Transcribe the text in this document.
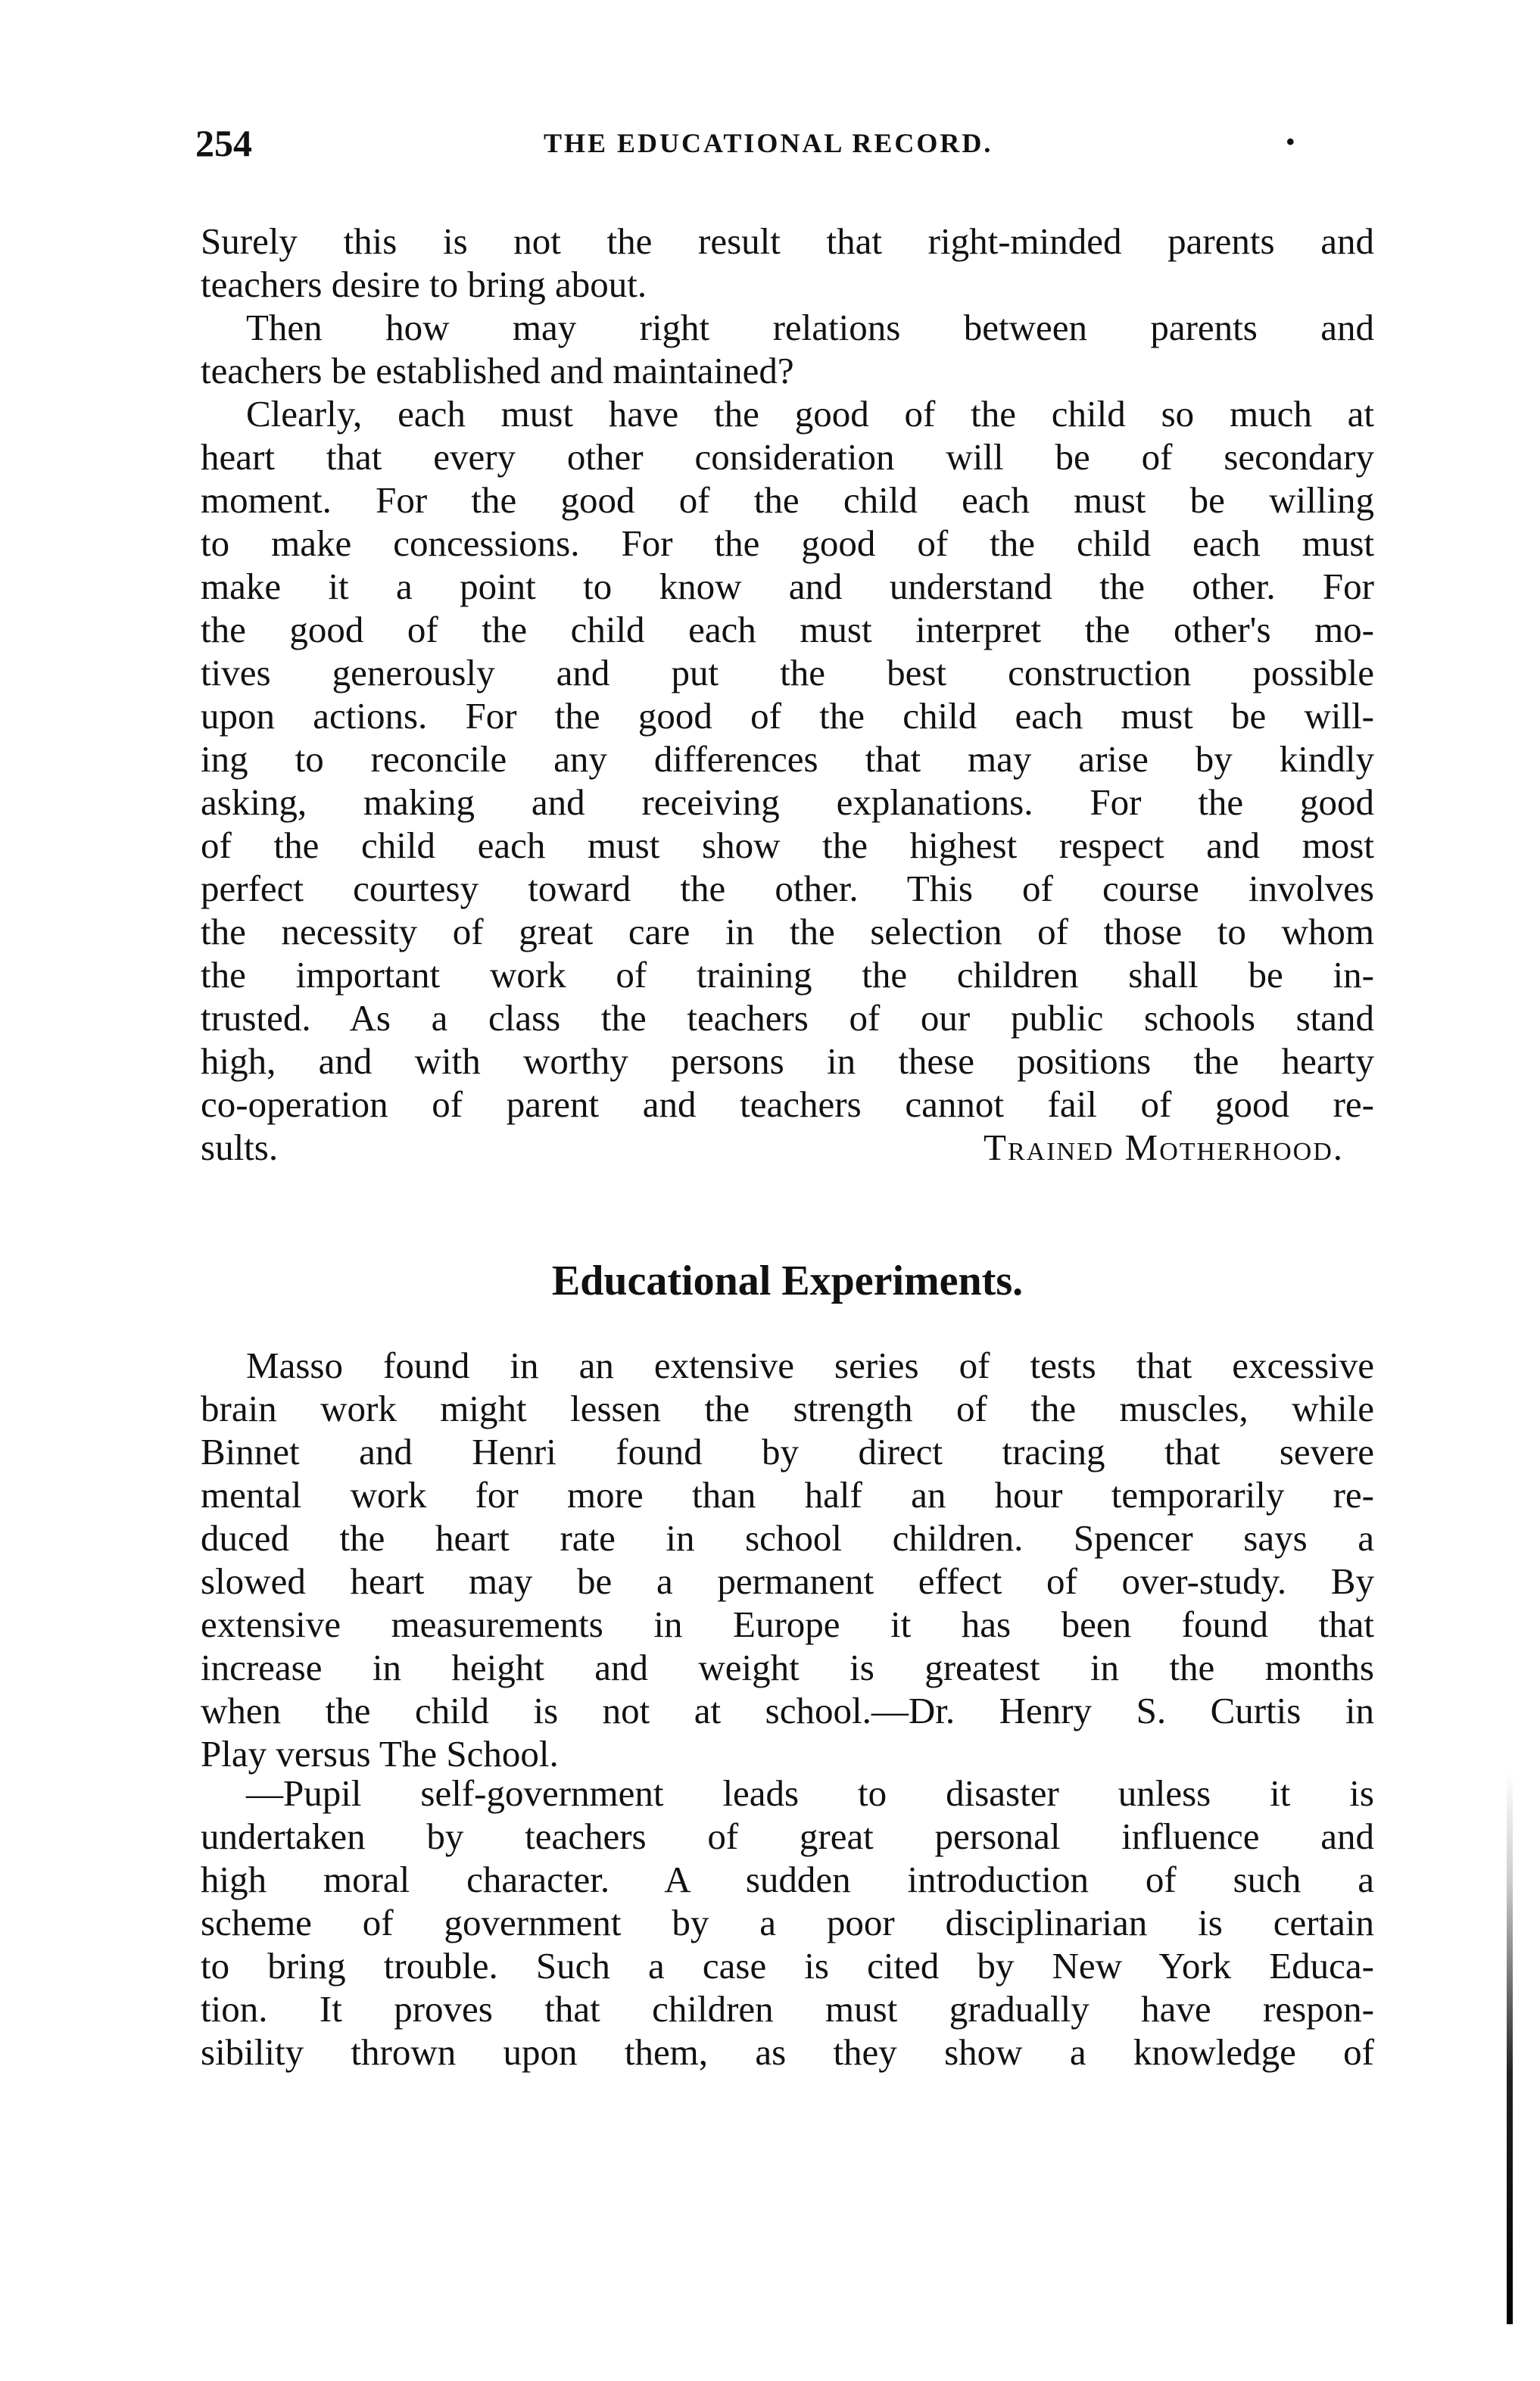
254	THE EDUCATIONAL RECORD.	•
Surely this is not the result that right-minded parents and
teachers desire to bring about.
Then how may right relations between parents and
teachers be established and maintained?
Clearly, each must have the good of the child so much at
heart that every other consideration will be of secondary
moment. For the good of the child each must be willing
to make concessions. For the good of the child each must
make it a point to know and understand the other. For
the good of the child each must interpret the other's mo-
tives generously and put the best construction possible
upon actions. For the good of the child each must be will-
ing to reconcile any differences that may arise by kindly
asking, making and receiving explanations. For the good
of the child each must show the highest respect and most
perfect courtesy toward the other. This of course involves
the necessity of great care in the selection of those to whom
the important work of training the children shall be in-
trusted. As a class the teachers of our public schools stand
high, and with worthy persons in these positions the hearty
co-operation of parent and teachers cannot fail of good re-
sults.	Trained Motherhood.
Educational Experiments.
Masso found in an extensive series of tests that excessive
brain work might lessen the strength of the muscles, while
Binnet and Henri found by direct tracing that severe
mental work for more than half an hour temporarily re-
duced the heart rate in school children. Spencer says a
slowed heart may be a permanent effect of over-study. By
extensive measurements in Europe it has been found that
increase in height and weight is greatest in the months
when the child is not at school.—Dr. Henry S. Curtis in
Play versus The School.
—Pupil self-government leads to disaster unless it is
undertaken by teachers of great personal influence and
high moral character. A sudden introduction of such a
scheme of government by a poor disciplinarian is certain
to bring trouble. Such a case is cited by New York Educa-
tion. It proves that children must gradually have respon-
sibility thrown upon them, as they show a knowledge of
